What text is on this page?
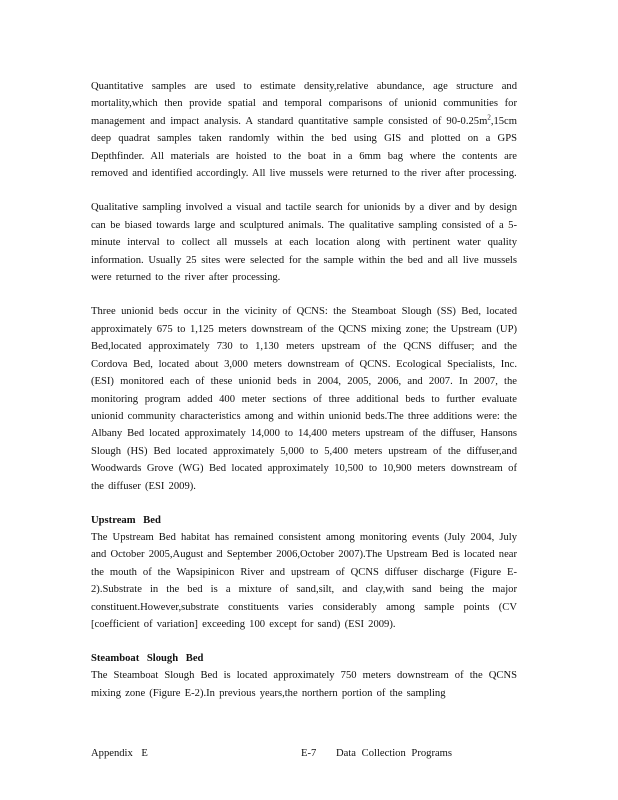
Quantitative samples are used to estimate density,relative abundance, age structure and mortality,which then provide spatial and temporal comparisons of unionid communities for management and impact analysis. A standard quantitative sample consisted of $90-0.25m^2,15cm$ deep quadrat samples taken randomly within the bed using GIS and plotted on a GPS Depthfinder. All materials are hoisted to the boat in a 6mm bag where the contents are removed and identified accordingly. All live mussels were returned to the river after processing.

Qualitative sampling involved a visual and tactile search for unionids by a diver and by design can be biased towards large and sculptured animals. The qualitative sampling consisted of a 5-minute interval to collect all mussels at each location along with pertinent water quality information. Usually 25 sites were selected for the sample within the bed and all live mussels were returned to the river after processing.

Three unionid beds occur in the vicinity of QCNS: the Steamboat Slough (SS) Bed, located approximately 675 to 1,125 meters downstream of the QCNS mixing zone; the Upstream (UP) Bed,located approximately 730 to 1,130 meters upstream of the QCNS diffuser; and the Cordova Bed, located about 3,000 meters downstream of QCNS. Ecological Specialists, Inc. (ESI) monitored each of these unionid beds in 2004, 2005, 2006, and 2007. In 2007, the monitoring program added 400 meter sections of three additional beds to further evaluate unionid community characteristics among and within unionid beds.The three additions were: the Albany Bed located approximately 14,000 to 14,400 meters upstream of the diffuser, Hansons Slough (HS) Bed located approximately 5,000 to 5,400 meters upstream of the diffuser,and Woodwards Grove (WG) Bed located approximately 10,500 to 10,900 meters downstream of the diffuser (ESI 2009).

Upstream Bed

The Upstream Bed habitat has remained consistent among monitoring events (July 2004, July and October 2005,August and September 2006,October 2007).The Upstream Bed is located near the mouth of the Wapsipinicon River and upstream of QCNS diffuser discharge (Figure E-2).Substrate in the bed is a mixture of sand,silt, and clay,with sand being the major constituent.However,substrate constituents varies considerably among sample points (CV [coefficient of variation] exceeding 100 except for sand) (ESI 2009).

Steamboat Slough Bed

The Steamboat Slough Bed is located approximately 750 meters downstream of the QCNS mixing zone (Figure E-2).In previous years,the northern portion of the sampling

Appendix E	E-7 Data Collection Programs
